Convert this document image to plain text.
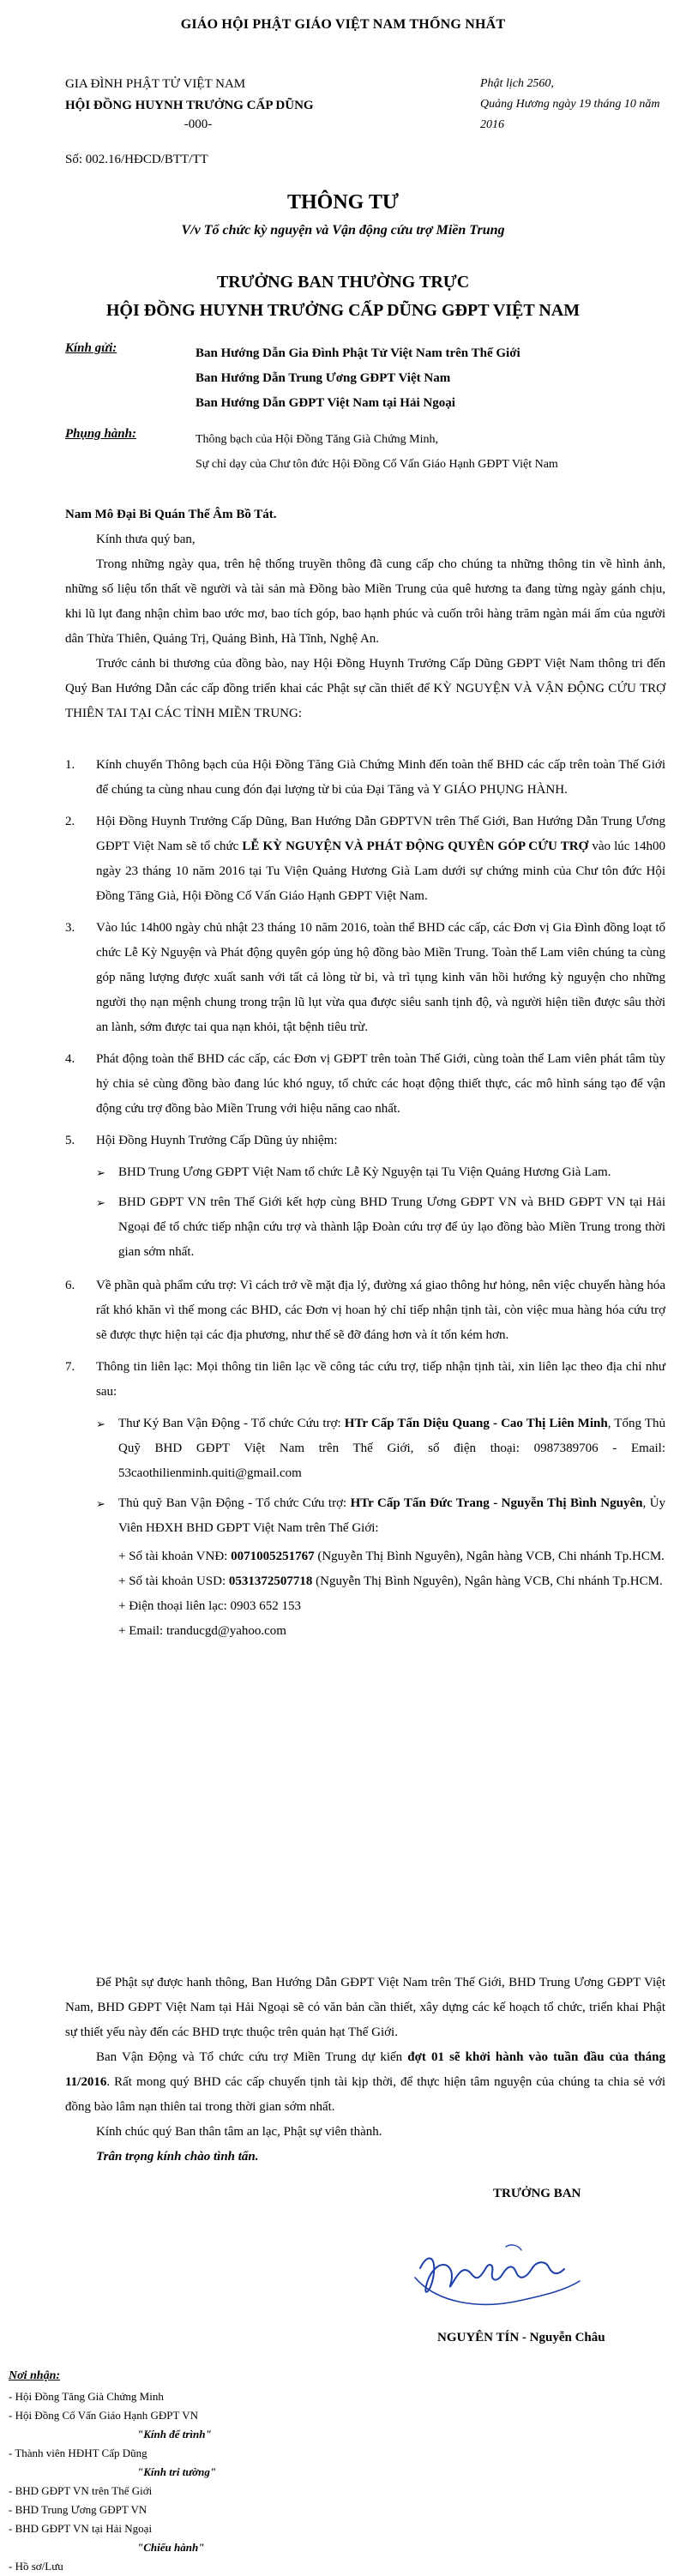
GIÁO HỘI PHẬT GIÁO VIỆT NAM THỐNG NHẤT
GIA ĐÌNH PHẬT TỬ VIỆT NAM
HỘI ĐỒNG HUYNH TRƯỞNG CẤP DŨNG
-000-
Phật lịch 2560,
Quảng Hương ngày 19 tháng 10 năm 2016
Số: 002.16/HĐCD/BTT/TT
THÔNG TƯ
V/v Tổ chức kỳ nguyện và Vận động cứu trợ Miền Trung
TRƯỞNG BAN THƯỜNG TRỰC
HỘI ĐỒNG HUYNH TRƯỞNG CẤP DŨNG GĐPT VIỆT NAM
Kính gửi:	Ban Hướng Dẫn Gia Đình Phật Tử Việt Nam trên Thế Giới
Ban Hướng Dẫn Trung Ương GĐPT Việt Nam
Ban Hướng Dẫn GĐPT Việt Nam tại Hải Ngoại
Phụng hành:	Thông bạch của Hội Đồng Tăng Già Chứng Minh,
Sự chỉ dạy của Chư tôn đức Hội Đồng Cố Vấn Giáo Hạnh GĐPT Việt Nam
Nam Mô Đại Bi Quán Thế Âm Bồ Tát.
Kính thưa quý ban,
Trong những ngày qua, trên hệ thống truyền thông đã cung cấp cho chúng ta những thông tin về hình ảnh, những số liệu tổn thất về người và tài sản mà Đồng bào Miền Trung của quê hương ta đang từng ngày gánh chịu, khi lũ lụt đang nhận chìm bao ước mơ, bao tích góp, bao hạnh phúc và cuốn trôi hàng trăm ngàn mái ấm của người dân Thừa Thiên, Quảng Trị, Quảng Bình, Hà Tĩnh, Nghệ An.
Trước cảnh bi thương của đồng bào, nay Hội Đồng Huynh Trưởng Cấp Dũng GĐPT Việt Nam thông tri đến Quý Ban Hướng Dẫn các cấp đồng triển khai các Phật sự cần thiết để KỲ NGUYỆN VÀ VẬN ĐỘNG CỨU TRỢ THIÊN TAI TẠI CÁC TỈNH MIỀN TRUNG:
1. Kính chuyển Thông bạch của Hội Đồng Tăng Già Chứng Minh đến toàn thể BHD các cấp trên toàn Thế Giới để chúng ta cùng nhau cung đón đại lượng từ bi của Đại Tăng và Y GIÁO PHỤNG HÀNH.
2. Hội Đồng Huynh Trưởng Cấp Dũng, Ban Hướng Dẫn GĐPTVN trên Thế Giới, Ban Hướng Dẫn Trung Ương GĐPT Việt Nam sẽ tổ chức LỄ KỲ NGUYỆN VÀ PHÁT ĐỘNG QUYÊN GÓP CỨU TRỢ vào lúc 14h00 ngày 23 tháng 10 năm 2016 tại Tu Viện Quảng Hương Già Lam dưới sự chứng minh của Chư tôn đức Hội Đồng Tăng Già, Hội Đồng Cố Vấn Giáo Hạnh GĐPT Việt Nam.
3. Vào lúc 14h00 ngày chủ nhật 23 tháng 10 năm 2016, toàn thể BHD các cấp, các Đơn vị Gia Đình đồng loạt tổ chức Lễ Kỳ Nguyện và Phát động quyên góp ủng hộ đồng bào Miền Trung. Toàn thể Lam viên chúng ta cùng góp năng lượng được xuất sanh với tất cả lòng từ bi, và trì tụng kinh văn hồi hướng kỳ nguyện cho những người thọ nạn mệnh chung trong trận lũ lụt vừa qua được siêu sanh tịnh độ, và người hiện tiền được sâu thời an lành, sớm được tai qua nạn khỏi, tật bệnh tiêu trừ.
4. Phát động toàn thể BHD các cấp, các Đơn vị GĐPT trên toàn Thế Giới, cùng toàn thể Lam viên phát tâm tùy hỷ chia sẻ cùng đồng bào đang lúc khó nguy, tổ chức các hoạt động thiết thực, các mô hình sáng tạo để vận động cứu trợ đồng bào Miền Trung với hiệu năng cao nhất.
5. Hội Đồng Huynh Trưởng Cấp Dũng ủy nhiệm:
➢ BHD Trung Ương GĐPT Việt Nam tổ chức Lễ Kỳ Nguyện tại Tu Viện Quảng Hương Già Lam.
➢ BHD GĐPT VN trên Thế Giới kết hợp cùng BHD Trung Ương GĐPT VN và BHD GĐPT VN tại Hải Ngoại để tổ chức tiếp nhận cứu trợ và thành lập Đoàn cứu trợ để ủy lạo đồng bào Miền Trung trong thời gian sớm nhất.
6. Về phần quà phẩm cứu trợ: Vì cách trở về mặt địa lý, đường xá giao thông hư hỏng, nên việc chuyển hàng hóa rất khó khăn vì thế mong các BHD, các Đơn vị hoan hỷ chỉ tiếp nhận tịnh tài, còn việc mua hàng hóa cứu trợ sẽ được thực hiện tại các địa phương, như thế sẽ đỡ đáng hơn và ít tốn kém hơn.
7. Thông tin liên lạc: Mọi thông tin liên lạc về công tác cứu trợ, tiếp nhận tịnh tài, xin liên lạc theo địa chỉ như sau:
➢ Thư Ký Ban Vận Động - Tổ chức Cứu trợ: HTr Cấp Tấn Diệu Quang - Cao Thị Liên Minh, Tổng Thủ Quỹ BHD GĐPT Việt Nam trên Thế Giới, số điện thoại: 0987389706 - Email: 53caothilienminh.quiti@gmail.com
➢ Thủ quỹ Ban Vận Động - Tổ chức Cứu trợ: HTr Cấp Tấn Đức Trang - Nguyễn Thị Bình Nguyên, Ủy Viên HĐXH BHD GĐPT Việt Nam trên Thế Giới:
+ Số tài khoản VNĐ: 0071005251767 (Nguyễn Thị Bình Nguyên), Ngân hàng VCB, Chi nhánh Tp.HCM.
+ Số tài khoản USD: 0531372507718 (Nguyễn Thị Bình Nguyên), Ngân hàng VCB, Chi nhánh Tp.HCM.
+ Điện thoại liên lạc: 0903 652 153
+ Email: tranducgd@yahoo.com
Để Phật sự được hanh thông, Ban Hướng Dẫn GĐPT Việt Nam trên Thế Giới, BHD Trung Ương GĐPT Việt Nam, BHD GĐPT Việt Nam tại Hải Ngoại sẽ có văn bản cần thiết, xây dựng các kế hoạch tổ chức, triển khai Phật sự thiết yếu này đến các BHD trực thuộc trên quản hạt Thế Giới.
Ban Vận Động và Tổ chức cứu trợ Miền Trung dự kiến đợt 01 sẽ khởi hành vào tuần đầu của tháng 11/2016. Rất mong quý BHD các cấp chuyển tịnh tài kịp thời, để thực hiện tâm nguyện của chúng ta chia sẻ với đồng bào lâm nạn thiên tai trong thời gian sớm nhất.
Kính chúc quý Ban thân tâm an lạc, Phật sự viên thành.
Trân trọng kính chào tình tấn.
TRƯỞNG BAN
NGUYÊN TÍN - Nguyễn Châu
Nơi nhận:
- Hội Đồng Tăng Già Chứng Minh
- Hội Đồng Cố Vấn Giáo Hạnh GĐPT VN
"Kính để trình"
- Thành viên HĐHT Cấp Dũng
"Kính tri tường"
- BHD GĐPT VN trên Thế Giới
- BHD Trung Ương GĐPT VN
- BHD GĐPT VN tại Hải Ngoại
"Chiếu hành"
- Hồ sơ/Lưu
